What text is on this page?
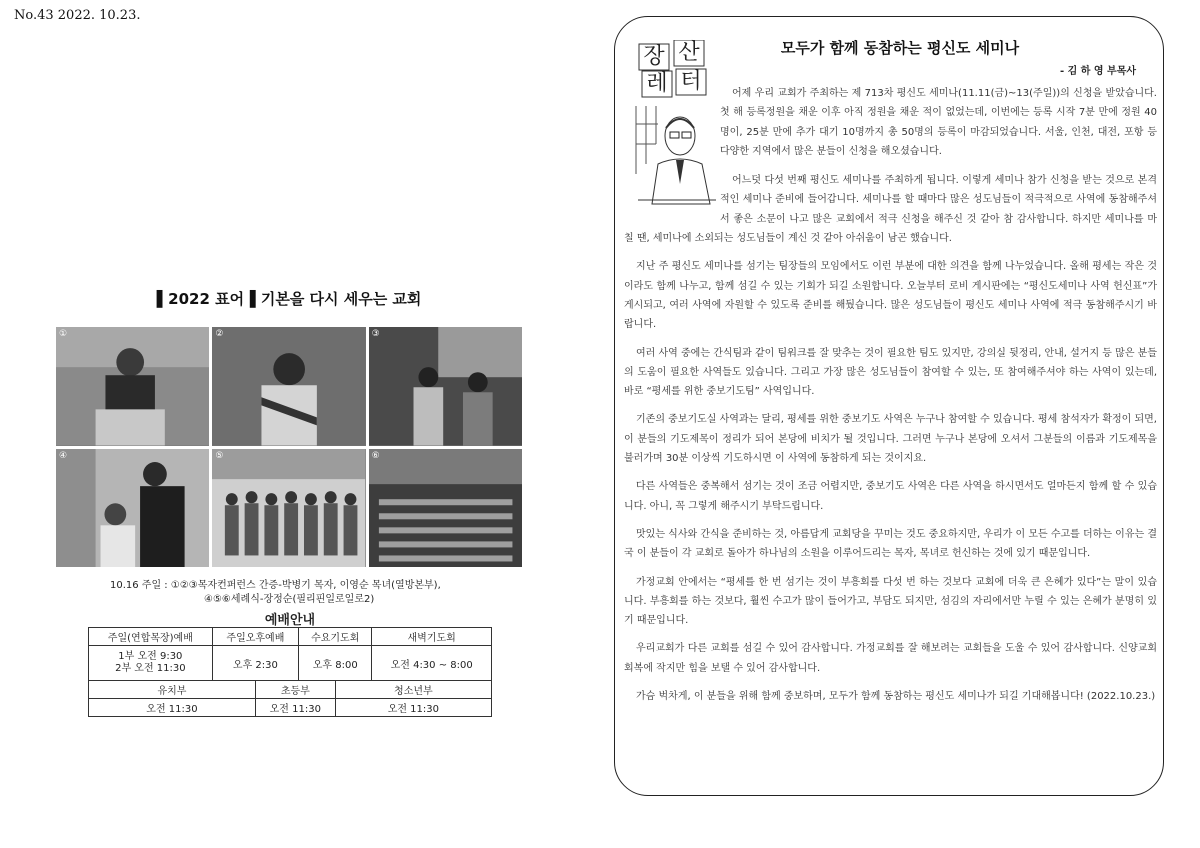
No.43 2022. 10.23.
▌2022 표어▐ 기본을 다시 세우는 교회
①	②	③
④	⑤	⑥
10.16 주일 : ①②③목자컨퍼런스 간증-박병기 목자, 이영순 목녀(열방본부),
④⑤⑥세례식-장정순(필리핀일로일로2)
예배안내
주일(연합목장)예배	주일오후예배		수요기도회		새벽기도회
1부 오전 9:30
2부 오전 11:30	오후 2:30		오후 8:00		오전 4:30 ~ 8:00
유치부		초등부		청소년부	
오전 11:30		오전 11:30		오전 11:30	
장 산
레 터
모두가 함께 동참하는 평신도 세미나
- 김 하 영 부목사

어제 우리 교회가 주최하는 제 713차 평신도 세미나(11.11(금)~13(주일))의 신청을 받았습니다. 첫 해 등록정원을 채운 이후 아직 정원을 채운 적이 없었는데, 이번에는 등록 시작 7분 만에 정원 40명이, 25분 만에 추가 대기 10명까지 총 50명의 등록이 마감되었습니다. 서울, 인천, 대전, 포항 등 다양한 지역에서 많은 분들이 신청을 해오셨습니다.

어느덧 다섯 번째 평신도 세미나를 주최하게 됩니다. 이렇게 세미나 참가 신청을 받는 것으로 본격적인 세미나 준비에 들어갑니다. 세미나를 할 때마다 많은 성도님들이 적극적으로 사역에 동참해주셔서 좋은 소문이 나고 많은 교회에서 적극 신청을 해주신 것 같아 참 감사합니다. 하지만 세미나를 마칠 땐, 세미나에 소외되는 성도님들이 계신 것 같아 아쉬움이 남곤 했습니다.

지난 주 평신도 세미나를 섬기는 팀장들의 모임에서도 이런 부분에 대한 의견을 함께 나누었습니다. 올해 평세는 작은 것이라도 함께 나누고, 함께 섬길 수 있는 기회가 되길 소원합니다. 오늘부터 로비 게시판에는 “평신도세미나 사역 헌신표”가 게시되고, 여러 사역에 자원할 수 있도록 준비를 해뒀습니다. 많은 성도님들이 평신도 세미나 사역에 적극 동참해주시기 바랍니다.

여러 사역 중에는 간식팀과 같이 팀워크를 잘 맞추는 것이 필요한 팀도 있지만, 강의실 뒷정리, 안내, 설거지 등 많은 분들의 도움이 필요한 사역들도 있습니다. 그리고 가장 많은 성도님들이 참여할 수 있는, 또 참여해주셔야 하는 사역이 있는데, 바로 “평세를 위한 중보기도팀” 사역입니다.

기존의 중보기도실 사역과는 달리, 평세를 위한 중보기도 사역은 누구나 참여할 수 있습니다. 평세 참석자가 확정이 되면, 이 분들의 기도제목이 정리가 되어 본당에 비치가 될 것입니다. 그러면 누구나 본당에 오셔서 그분들의 이름과 기도제목을 불러가며 30분 이상씩 기도하시면 이 사역에 동참하게 되는 것이지요.

다른 사역들은 중복해서 섬기는 것이 조금 어렵지만, 중보기도 사역은 다른 사역을 하시면서도 얼마든지 함께 할 수 있습니다. 아니, 꼭 그렇게 해주시기 부탁드립니다.

맛있는 식사와 간식을 준비하는 것, 아름답게 교회당을 꾸미는 것도 중요하지만, 우리가 이 모든 수고를 더하는 이유는 결국 이 분들이 각 교회로 돌아가 하나님의 소원을 이루어드리는 목자, 목녀로 헌신하는 것에 있기 때문입니다.

가정교회 안에서는 “평세를 한 번 섬기는 것이 부흥회를 다섯 번 하는 것보다 교회에 더욱 큰 은혜가 있다”는 말이 있습니다. 부흥회를 하는 것보다, 훨씬 수고가 많이 들어가고, 부담도 되지만, 섬김의 자리에서만 누릴 수 있는 은혜가 분명히 있기 때문입니다.

우리교회가 다른 교회를 섬길 수 있어 감사합니다. 가정교회를 잘 해보려는 교회들을 도울 수 있어 감사합니다. 신양교회 회복에 작지만 힘을 보탤 수 있어 감사합니다.

가슴 벅차게, 이 분들을 위해 함께 중보하며, 모두가 함께 동참하는 평신도 세미나가 되길 기대해봅니다! (2022.10.23.)
